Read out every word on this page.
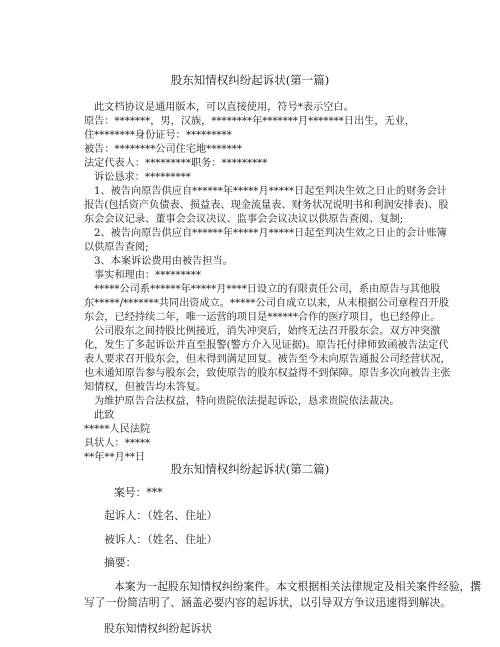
股东知情权纠纷起诉状(第一篇)
此文档协议是通用版本，可以直接使用，符号*表示空白。
原告：*******，男，汉族，********年*******月*******日出生，无业，
住********身份证号：*********
被告：********公司住宅地*******
法定代表人：*********职务：*********
诉讼恳求：*********
1、被告向原告供应自******年*****月*****日起至判决生效之日止的财务会计
报告(包括资产负债表、损益表、现金流量表、财务状况说明书和利润安排表)、股
东会会议记录、董事会会议决议、监事会会议决议以供原告查阅、复制;
2、被告向原告供应自******年*****月*****日起至判决生效之日止的会计账簿
以供原告查阅;
3、本案诉讼费用由被告担当。
事实和理由：*********
*****公司系******年*****月****日设立的有限责任公司，系由原告与其他股
东*****/*******共同出资成立。*****公司自成立以来，从未根据公司章程召开股
东会，已经持续二年，唯一运营的项目是******合作的医疗项目，也已经停止。
公司股东之间持股比例接近，消失冲突后，始终无法召开股东会。双方冲突激
化，发生了多起诉讼并直至报警(警方介入见证据)。原告托付律师致函被告法定代
表人要求召开股东会，但未得到满足回复。被告至今未向原告通报公司经营状况，
也未通知原告参与股东会，致使原告的股东权益得不到保障。原告多次向被告主张
知情权，但被告均未答复。
为维护原告合法权益，特向贵院依法提起诉讼，恳求贵院依法裁决。
此致
*****人民法院
具状人：*****
**年**月**日
股东知情权纠纷起诉状(第二篇)
案号：***
起诉人：（姓名、住址）
被诉人：（姓名、住址）
摘要：
本案为一起股东知情权纠纷案件。本文根据相关法律规定及相关案件经验，撰
写了一份简洁明了、涵盖必要内容的起诉状，以引导双方争议迅速得到解决。
股东知情权纠纷起诉状
